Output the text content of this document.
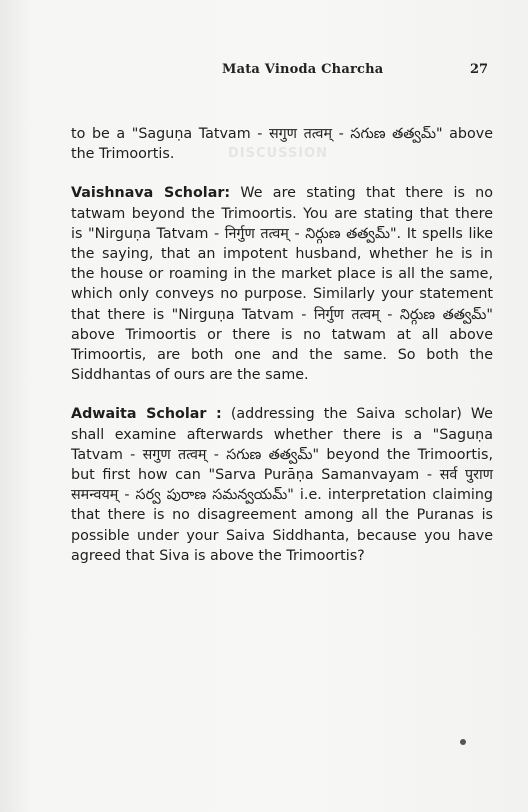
DISCUSSION
Mata Vinoda Charcha	27

to be a "Saguṇa Tatvam - सगुण तत्वम् - సగుణ తత్వమ్" above the Trimoortis.

Vaishnava Scholar: We are stating that there is no tatwam beyond the Trimoortis. You are stating that there is "Nirguṇa Tatvam - निर्गुण तत्वम् - నిర్గుణ తత్వమ్". It spells like the saying, that an impotent husband, whether he is in the house or roaming in the market place is all the same, which only conveys no purpose. Similarly your statement that there is "Nirguṇa Tatvam - निर्गुण तत्वम् - నిర్గుణ తత్వమ్" above Trimoortis or there is no tatwam at all above Trimoortis, are both one and the same. So both the Siddhantas of ours are the same.

Adwaita Scholar : (addressing the Saiva scholar) We shall examine afterwards whether there is a "Saguṇa Tatvam - सगुण तत्वम् - సగుణ తత్వమ్" beyond the Trimoortis, but first how can "Sarva Purāṇa Samanvayam - सर्व पुराण समन्वयम् - సర్వ పురాణ సమన్వయమ్" i.e. interpretation claiming that there is no disagreement among all the Puranas is possible under your Saiva Siddhanta, because you have agreed that Siva is above the Trimoortis?
